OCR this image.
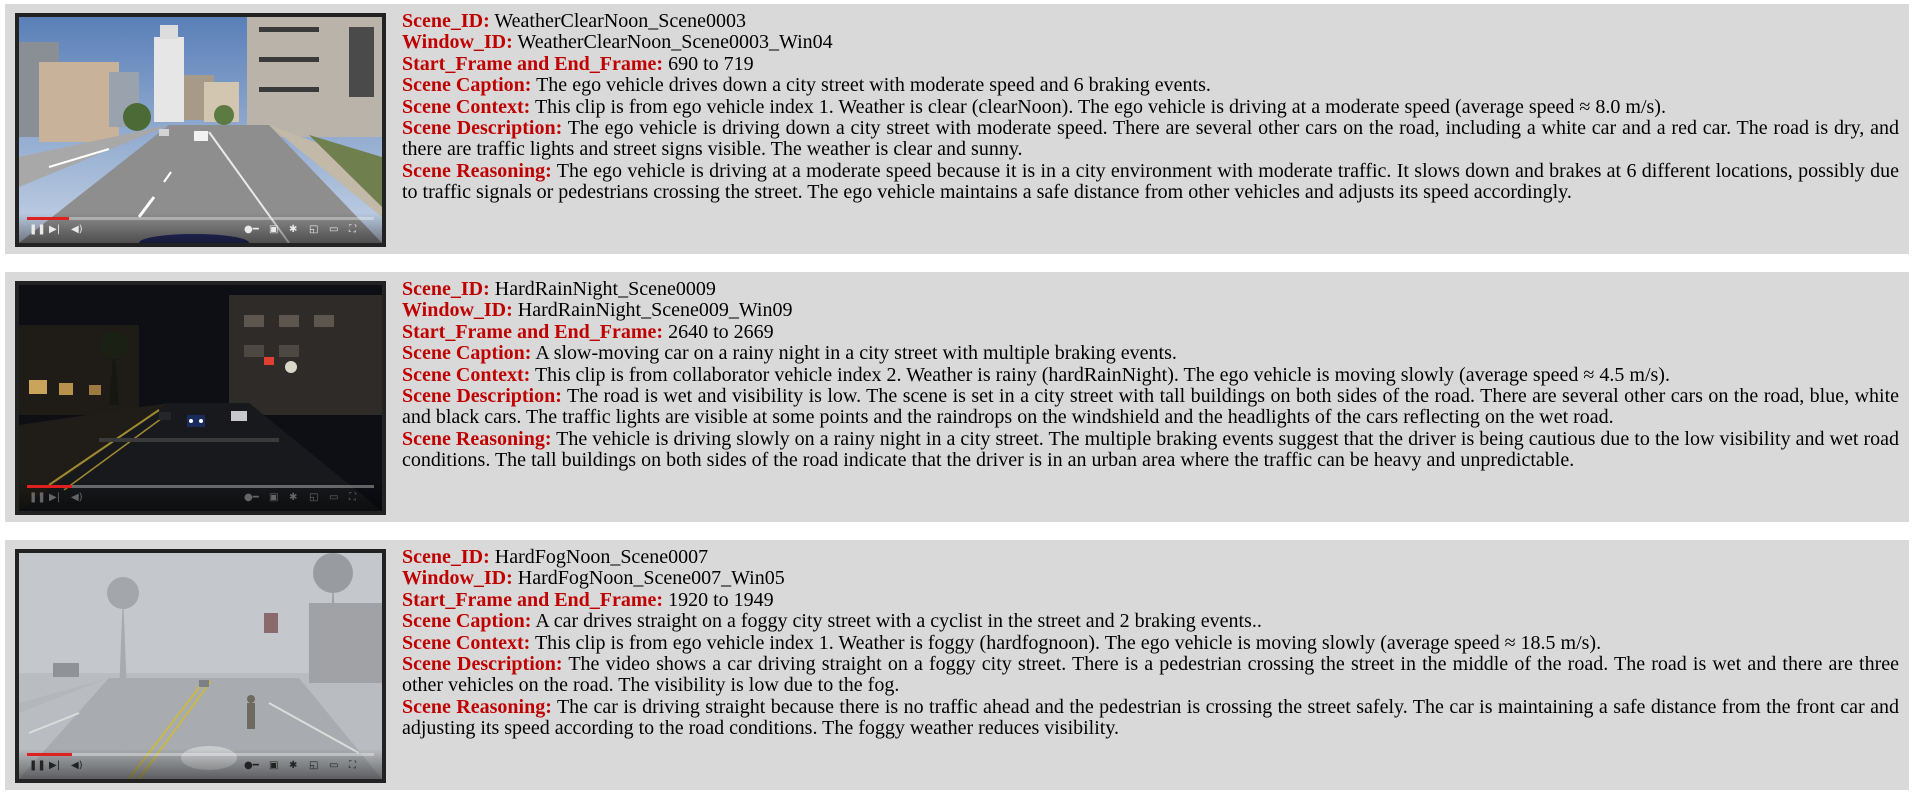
❚❚ ▶| ◀)	●━ ▣ ✱ ◱ ▭ ⛶
Scene_ID: WeatherClearNoon_Scene0003
Window_ID: WeatherClearNoon_Scene0003_Win04
Start_Frame and End_Frame: 690 to 719
Scene Caption: The ego vehicle drives down a city street with moderate speed and 6 braking events.
Scene Context: This clip is from ego vehicle index 1. Weather is clear (clearNoon). The ego vehicle is driving at a moderate speed (average speed ≈ 8.0 m/s).
Scene Description: The ego vehicle is driving down a city street with moderate speed. There are several other cars on the road, including a white car and a red car. The road is dry, and there are traffic lights and street signs visible. The weather is clear and sunny.
Scene Reasoning: The ego vehicle is driving at a moderate speed because it is in a city environment with moderate traffic. It slows down and brakes at 6 different locations, possibly due to traffic signals or pedestrians crossing the street. The ego vehicle maintains a safe distance from other vehicles and adjusts its speed accordingly.
❚❚ ▶| ◀)	●━ ▣ ✱ ◱ ▭ ⛶
Scene_ID: HardRainNight_Scene0009
Window_ID: HardRainNight_Scene009_Win09
Start_Frame and End_Frame: 2640 to 2669
Scene Caption: A slow-moving car on a rainy night in a city street with multiple braking events.
Scene Context: This clip is from collaborator vehicle index 2. Weather is rainy (hardRainNight). The ego vehicle is moving slowly (average speed ≈ 4.5 m/s).
Scene Description: The road is wet and visibility is low. The scene is set in a city street with tall buildings on both sides of the road. There are several other cars on the road, blue, white and black cars. The traffic lights are visible at some points and the raindrops on the windshield and the headlights of the cars reflecting on the wet road.
Scene Reasoning: The vehicle is driving slowly on a rainy night in a city street. The multiple braking events suggest that the driver is being cautious due to the low visibility and wet road conditions. The tall buildings on both sides of the road indicate that the driver is in an urban area where the traffic can be heavy and unpredictable.
❚❚ ▶| ◀)	●━ ▣ ✱ ◱ ▭ ⛶
Scene_ID: HardFogNoon_Scene0007
Window_ID: HardFogNoon_Scene007_Win05
Start_Frame and End_Frame: 1920 to 1949
Scene Caption: A car drives straight on a foggy city street with a cyclist in the street and 2 braking events..
Scene Context: This clip is from ego vehicle index 1. Weather is foggy (hardfognoon). The ego vehicle is moving slowly (average speed ≈ 18.5 m/s).
Scene Description: The video shows a car driving straight on a foggy city street. There is a pedestrian crossing the street in the middle of the road. The road is wet and there are three other vehicles on the road. The visibility is low due to the fog.
Scene Reasoning: The car is driving straight because there is no traffic ahead and the pedestrian is crossing the street safely. The car is maintaining a safe distance from the front car and adjusting its speed according to the road conditions. The foggy weather reduces visibility.
